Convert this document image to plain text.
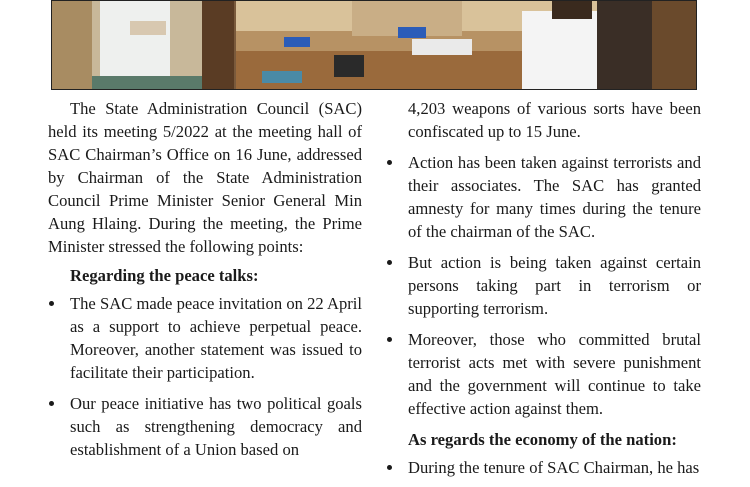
The State Administration Council (SAC) held its meeting 5/2022 at the meeting hall of SAC Chairman’s Office on 16 June, addressed by Chairman of the State Administration Council Prime Minister Senior General Min Aung Hlaing. During the meeting, the Prime Minister stressed the following points:

Regarding the peace talks:

The SAC made peace invitation on 22 April as a support to achieve perpetual peace. Moreover, another statement was issued to facilitate their participation.
Our peace initiative has two political goals such as strengthening democracy and establishment of a Union based on

4,203 weapons of various sorts have been confiscated up to 15 June.

Action has been taken against terrorists and their associates. The SAC has granted amnesty for many times during the tenure of the chairman of the SAC.
But action is being taken against certain persons taking part in terrorism or supporting terrorism.
Moreover, those who committed brutal terrorist acts met with severe punishment and the government will continue to take effective action against them.

As regards the economy of the nation:

During the tenure of SAC Chairman, he has
